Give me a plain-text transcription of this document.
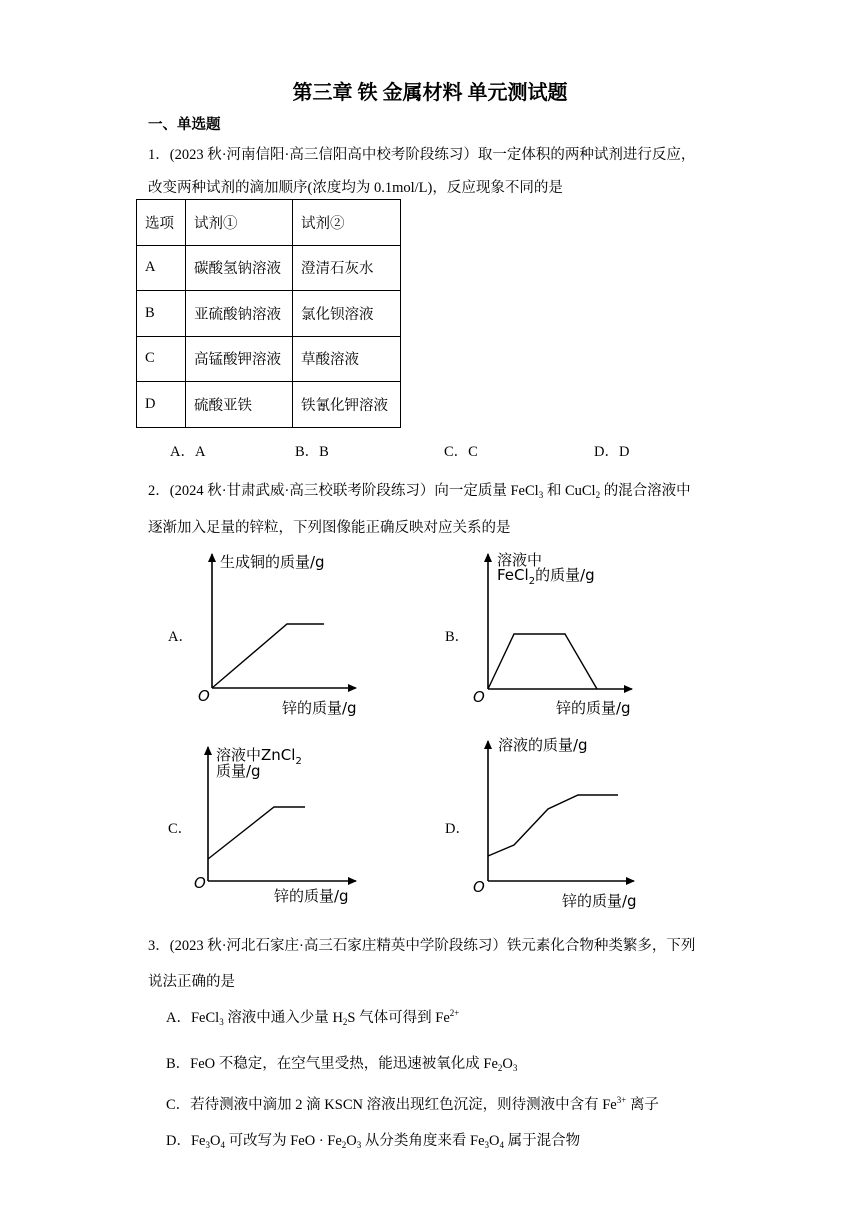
第三章 铁 金属材料 单元测试题
一、单选题
1．(2023 秋·河南信阳·高三信阳高中校考阶段练习）取一定体积的两种试剂进行反应，
改变两种试剂的滴加顺序(浓度均为 0.1mol/L)，反应现象不同的是
选项	试剂①	试剂②
A	碳酸氢钠溶液	澄清石灰水
B	亚硫酸钠溶液	氯化钡溶液
C	高锰酸钾溶液	草酸溶液
D	硫酸亚铁	铁氰化钾溶液
A．A	B．B	C．C	D．D
2．(2024 秋·甘肃武威·高三校联考阶段练习）向一定质量 FeCl$_3$ 和 CuCl$_2$ 的混合溶液中
逐渐加入足量的锌粒，下列图像能正确反映对应关系的是
A．	B．
C．	D．
生成铜的质量/g
锌的质量/g
O
溶液中
FeCl$_2$的质量/g
锌的质量/g
O
溶液中ZnCl$_2$
质量/g
锌的质量/g
O
溶液的质量/g
锌的质量/g
O
3．(2023 秋·河北石家庄·高三石家庄精英中学阶段练习）铁元素化合物种类繁多，下列
说法正确的是
A．FeCl$_3$ 溶液中通入少量 $H_2S$ 气体可得到 $Fe^{2+}$
B．FeO 不稳定，在空气里受热，能迅速被氧化成 $Fe_2O_3$
C．若待测液中滴加 2 滴 KSCN 溶液出现红色沉淀，则待测液中含有 $Fe^{3+}$ 离子
D．$Fe_3O_4$ 可改写为 FeO · $Fe_2O_3$ 从分类角度来看 $Fe_3O_4$ 属于混合物
